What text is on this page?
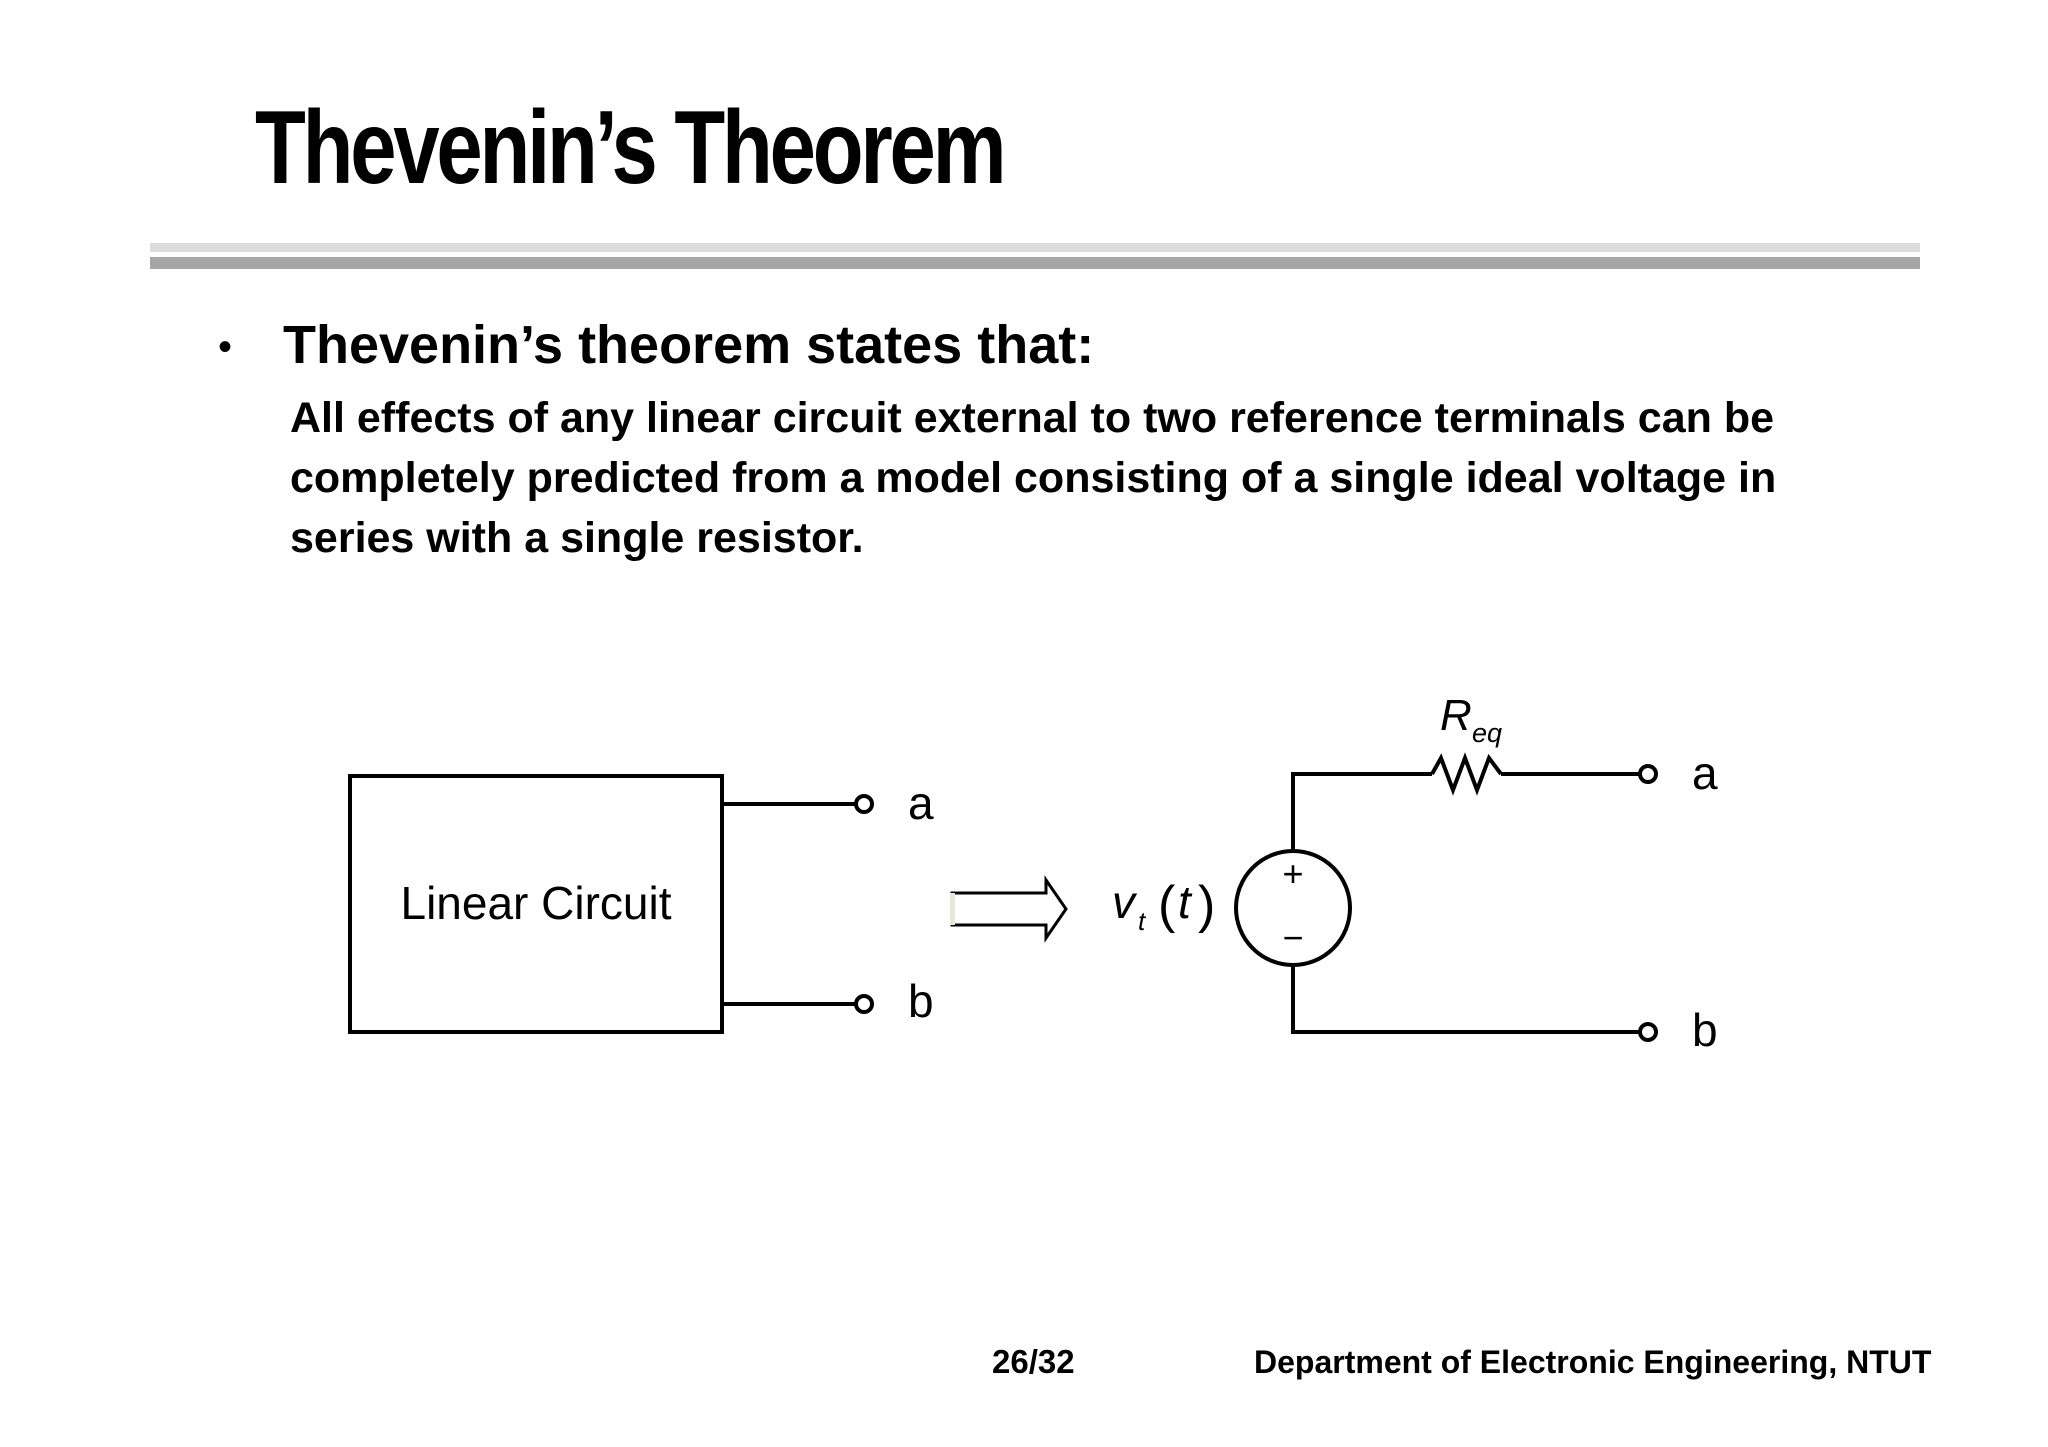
Thevenin’s Theorem
• Thevenin’s theorem states that:
All effects of any linear circuit external to two reference terminals can be
completely predicted from a model consisting of a single ideal voltage in
series with a single resistor.
Linear Circuit
a
b
v t ( t )
+
−
R eq
a
b
26/32	Department of Electronic Engineering, NTUT
